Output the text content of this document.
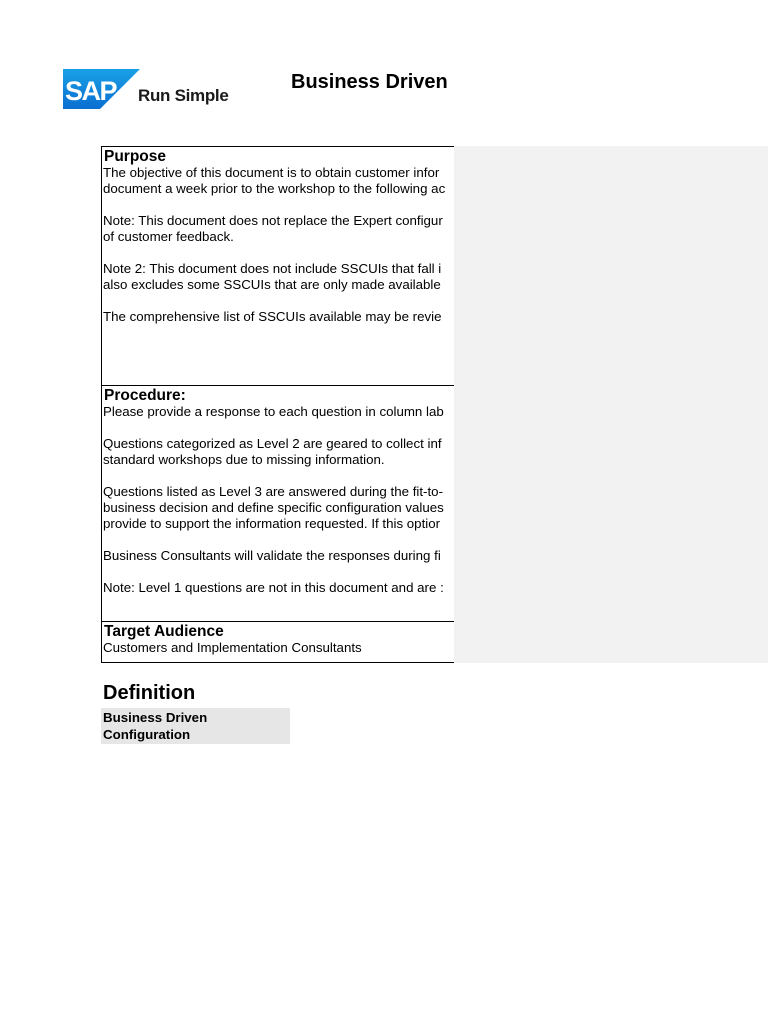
SAP Run Simple
Business Driven
Purpose
The objective of this document is to obtain customer infor
document a week prior to the workshop to the following ac
Note: This document does not replace the Expert configur
of customer feedback.
Note 2: This document does not include SSCUIs that fall i
also excludes some SSCUIs that are only made available
The comprehensive list of SSCUIs available may be revie
Procedure:
Please provide a response to each question in column lab
Questions categorized as Level 2 are geared to collect inf
standard workshops due to missing information.
Questions listed as Level 3 are answered during the fit-to-
business decision and define specific configuration values
provide to support the information requested. If this optior
Business Consultants will validate the responses during fi
Note: Level 1 questions are not in this document and are :
Target Audience
Customers and Implementation Consultants
Definition
Business Driven
Configuration
